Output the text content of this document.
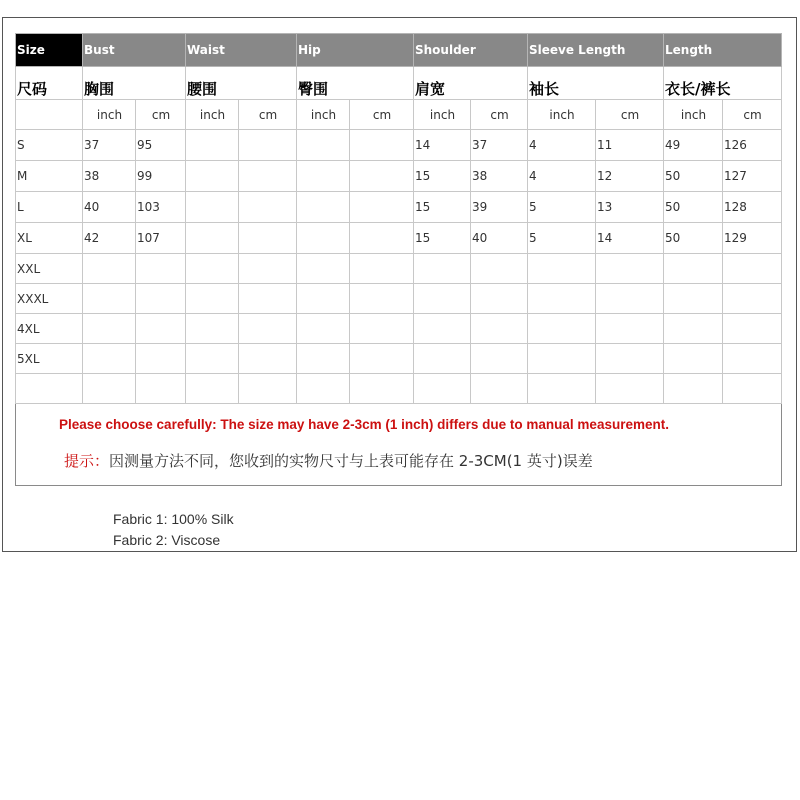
Size	Bust		Waist		Hip		Shoulder		Sleeve Length		Length	
尺码	胸围		腰围		臀围		肩宽		袖长		衣长/裤长	
	inch	cm	inch	cm	inch	cm	inch	cm	inch	cm	inch	cm
S	37	95					14	37	4	11	49	126
M	38	99					15	38	4	12	50	127
L	40	103					15	39	5	13	50	128
XL	42	107					15	40	5	14	50	129
XXL												
XXXL												
4XL												
5XL												

Please choose carefully: The size may have 2-3cm (1 inch) differs due to manual measurement.
提示：因测量方法不同，您收到的实物尺寸与上表可能存在 2-3CM(1 英寸)误差
Fabric 1: 100% Silk
Fabric 2: Viscose
